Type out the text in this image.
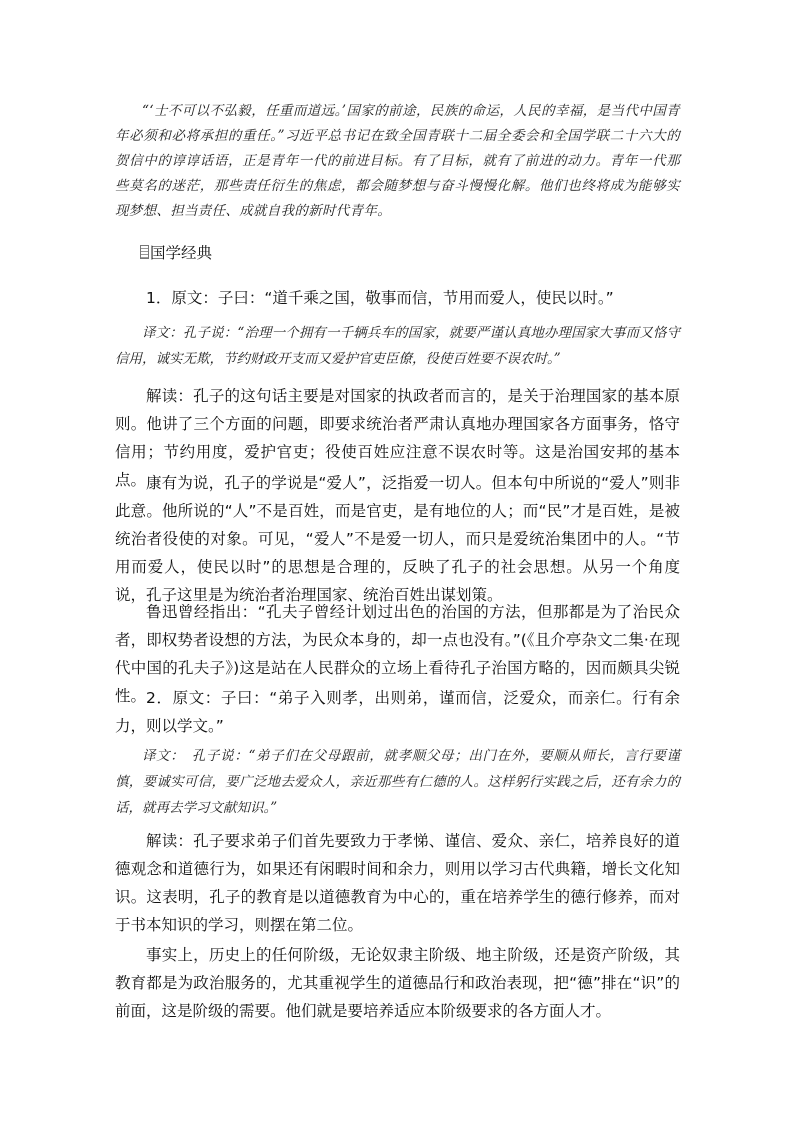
“‘士不可以不弘毅，任重而道远。’国家的前途，民族的命运，人民的幸福，是当代中国青年必须和必将承担的重任。”习近平总书记在致全国青联十二届全委会和全国学联二十六大的贺信中的谆谆话语，正是青年一代的前进目标。有了目标，就有了前进的动力。青年一代那些莫名的迷茫，那些责任衍生的焦虑，都会随梦想与奋斗慢慢化解。他们也终将成为能够实现梦想、担当责任、成就自我的新时代青年。

国学经典

1．原文：子曰：“道千乘之国，敬事而信，节用而爱人，使民以时。”

译文：孔子说：“治理一个拥有一千辆兵车的国家，就要严谨认真地办理国家大事而又恪守信用，诚实无欺，节约财政开支而又爱护官吏臣僚，役使百姓要不误农时。”

解读：孔子的这句话主要是对国家的执政者而言的，是关于治理国家的基本原则。他讲了三个方面的问题，即要求统治者严肃认真地办理国家各方面事务，恪守信用；节约用度，爱护官吏；役使百姓应注意不误农时等。这是治国安邦的基本点。 康有为说，孔子的学说是“爱人”，泛指爱一切人。但本句中所说的“爱人”则非此意。他所说的“人”不是百姓，而是官吏，是有地位的人；而“民”才是百姓，是被统治者役使的对象。可见，“爱人”不是爱一切人，而只是爱统治集团中的人。“节用而爱人，使民以时”的思想是合理的，反映了孔子的社会思想。从另一个角度说，孔子这里是为统治者治理国家、统治百姓出谋划策。

鲁迅曾经指出：“孔夫子曾经计划过出色的治国的方法，但那都是为了治民众者，即权势者设想的方法，为民众本身的，却一点也没有。”(《且介亭杂文二集·在现代中国的孔夫子》)这是站在人民群众的立场上看待孔子治国方略的，因而颇具尖锐性。 2．原文：子曰：“弟子入则孝，出则弟，谨而信，泛爱众，而亲仁。行有余力，则以学文。”

译文：　孔子说：“弟子们在父母跟前，就孝顺父母；出门在外，要顺从师长，言行要谨慎，要诚实可信，要广泛地去爱众人，亲近那些有仁德的人。这样躬行实践之后，还有余力的话，就再去学习文献知识。”

解读：孔子要求弟子们首先要致力于孝悌、谨信、爱众、亲仁，培养良好的道德观念和道德行为，如果还有闲暇时间和余力，则用以学习古代典籍，增长文化知识。这表明，孔子的教育是以道德教育为中心的，重在培养学生的德行修养，而对于书本知识的学习，则摆在第二位。

事实上，历史上的任何阶级，无论奴隶主阶级、地主阶级，还是资产阶级，其教育都是为政治服务的，尤其重视学生的道德品行和政治表现，把“德”排在“识”的前面，这是阶级的需要。他们就是要培养适应本阶级要求的各方面人才。
